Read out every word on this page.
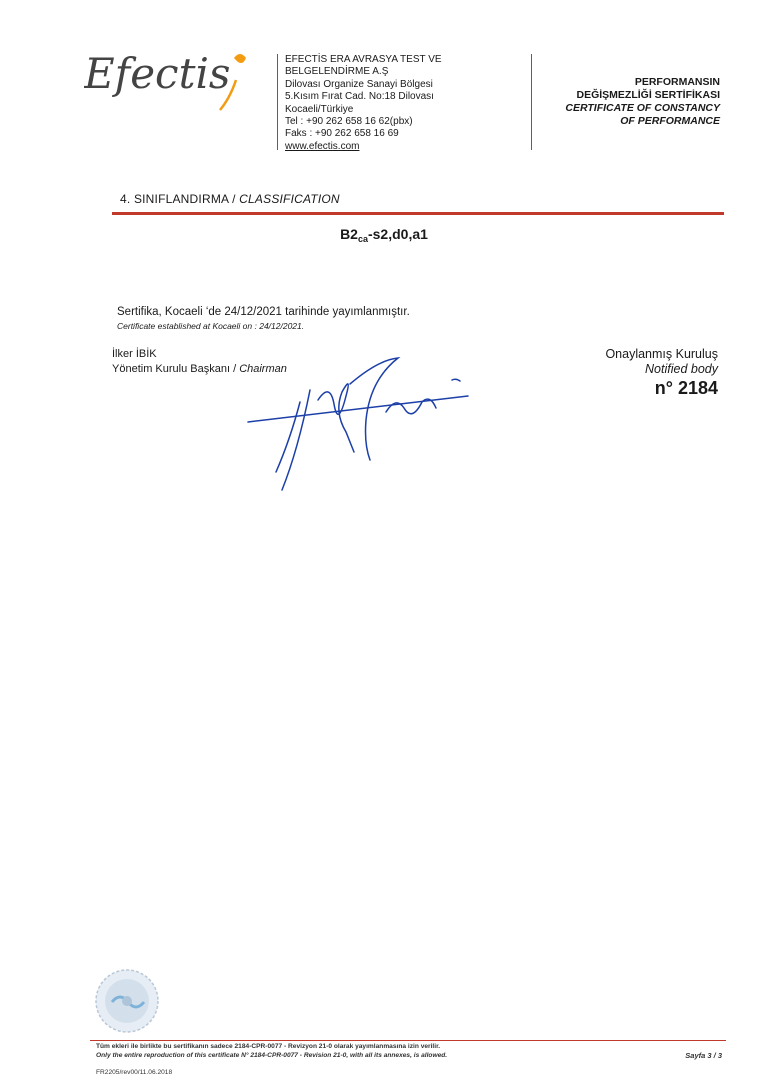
Efectis	EFECTİS ERA AVRASYA TEST VE
BELGELENDİRME A.Ş
Dilovası Organize Sanayi Bölgesi
5.Kısım Fırat Cad. No:18 Dilovası
Kocaeli/Türkiye
Tel : +90 262 658 16 62(pbx)
Faks : +90 262 658 16 69
www.efectis.com
PERFORMANSIN
DEĞİŞMEZLİĞİ SERTİFİKASI
CERTIFICATE OF CONSTANCY
OF PERFORMANCE
4. SINIFLANDIRMA / CLASSIFICATION
$B2_{ca}-s2,d0,a1$
Sertifika, Kocaeli ‘de 24/12/2021 tarihinde yayımlanmıştır.
Certificate established at Kocaeli on : 24/12/2021.
İlker İBİK
Yönetim Kurulu Başkanı / Chairman
Onaylanmış Kuruluş
Notified body
n° 2184
Tüm ekleri ile birlikte bu sertifikanın sadece 2184-CPR-0077 - Revizyon 21-0 olarak yayımlanmasına izin verilir.
Only the entire reproduction of this certificate N° 2184-CPR-0077 - Revision 21-0, with all its annexes, is allowed.	Sayfa 3 / 3
FR2205/rev00/11.06.2018
